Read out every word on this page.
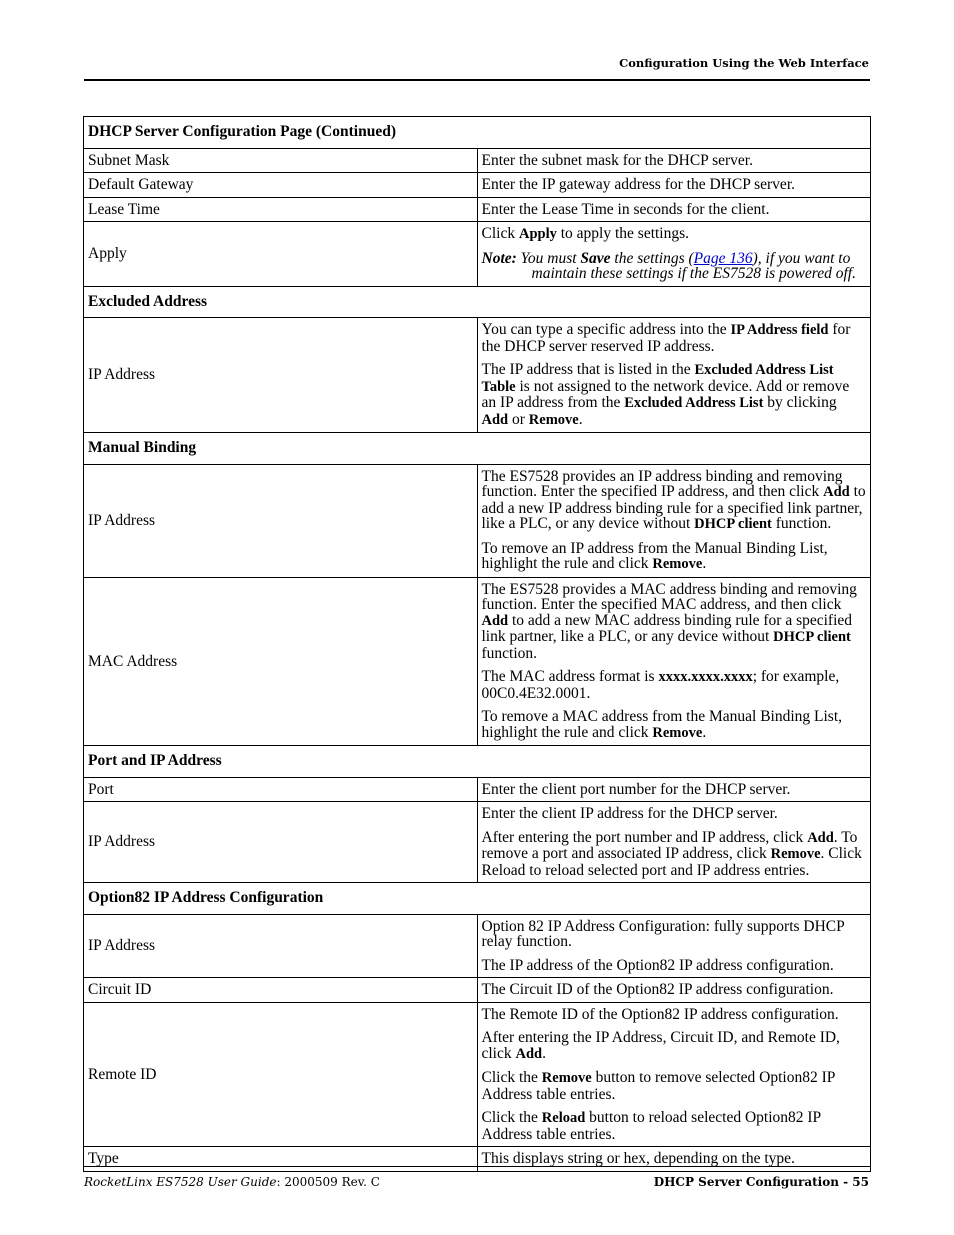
Configuration Using the Web Interface
DHCP Server Configuration Page (Continued)	
Subnet Mask	Enter the subnet mask for the DHCP server.
Default Gateway	Enter the IP gateway address for the DHCP server.
Lease Time	Enter the Lease Time in seconds for the client.
Apply	Click Apply to apply the settings.

Note: You must Save the settings (Page 136), if you want to maintain these settings if the ES7528 is powered off.

Excluded Address	
IP Address	You can type a specific address into the IP Address field for the DHCP server reserved IP address.

The IP address that is listed in the Excluded Address List Table is not assigned to the network device. Add or remove an IP address from the Excluded Address List by clicking Add or Remove.

Manual Binding	
IP Address	The ES7528 provides an IP address binding and removing function. Enter the specified IP address, and then click Add to add a new IP address binding rule for a specified link partner, like a PLC, or any device without DHCP client function.

To remove an IP address from the Manual Binding List, highlight the rule and click Remove.

MAC Address	The ES7528 provides a MAC address binding and removing function. Enter the specified MAC address, and then click Add to add a new MAC address binding rule for a specified link partner, like a PLC, or any device without DHCP client function.

The MAC address format is xxxx.xxxx.xxxx; for example, 00C0.4E32.0001.

To remove a MAC address from the Manual Binding List, highlight the rule and click Remove.

Port and IP Address	
Port	Enter the client port number for the DHCP server.
IP Address	Enter the client IP address for the DHCP server.

After entering the port number and IP address, click Add. To remove a port and associated IP address, click Remove. Click Reload to reload selected port and IP address entries.

Option82 IP Address Configuration	
IP Address	Option 82 IP Address Configuration: fully supports DHCP relay function.

The IP address of the Option82 IP address configuration.

Circuit ID	The Circuit ID of the Option82 IP address configuration.
Remote ID	The Remote ID of the Option82 IP address configuration.

After entering the IP Address, Circuit ID, and Remote ID, click Add.

Click the Remove button to remove selected Option82 IP Address table entries.

Click the Reload button to reload selected Option82 IP Address table entries.

Type	This displays string or hex, depending on the type.
RocketLinx ES7528 User Guide: 2000509 Rev. C	DHCP Server Configuration - 55
